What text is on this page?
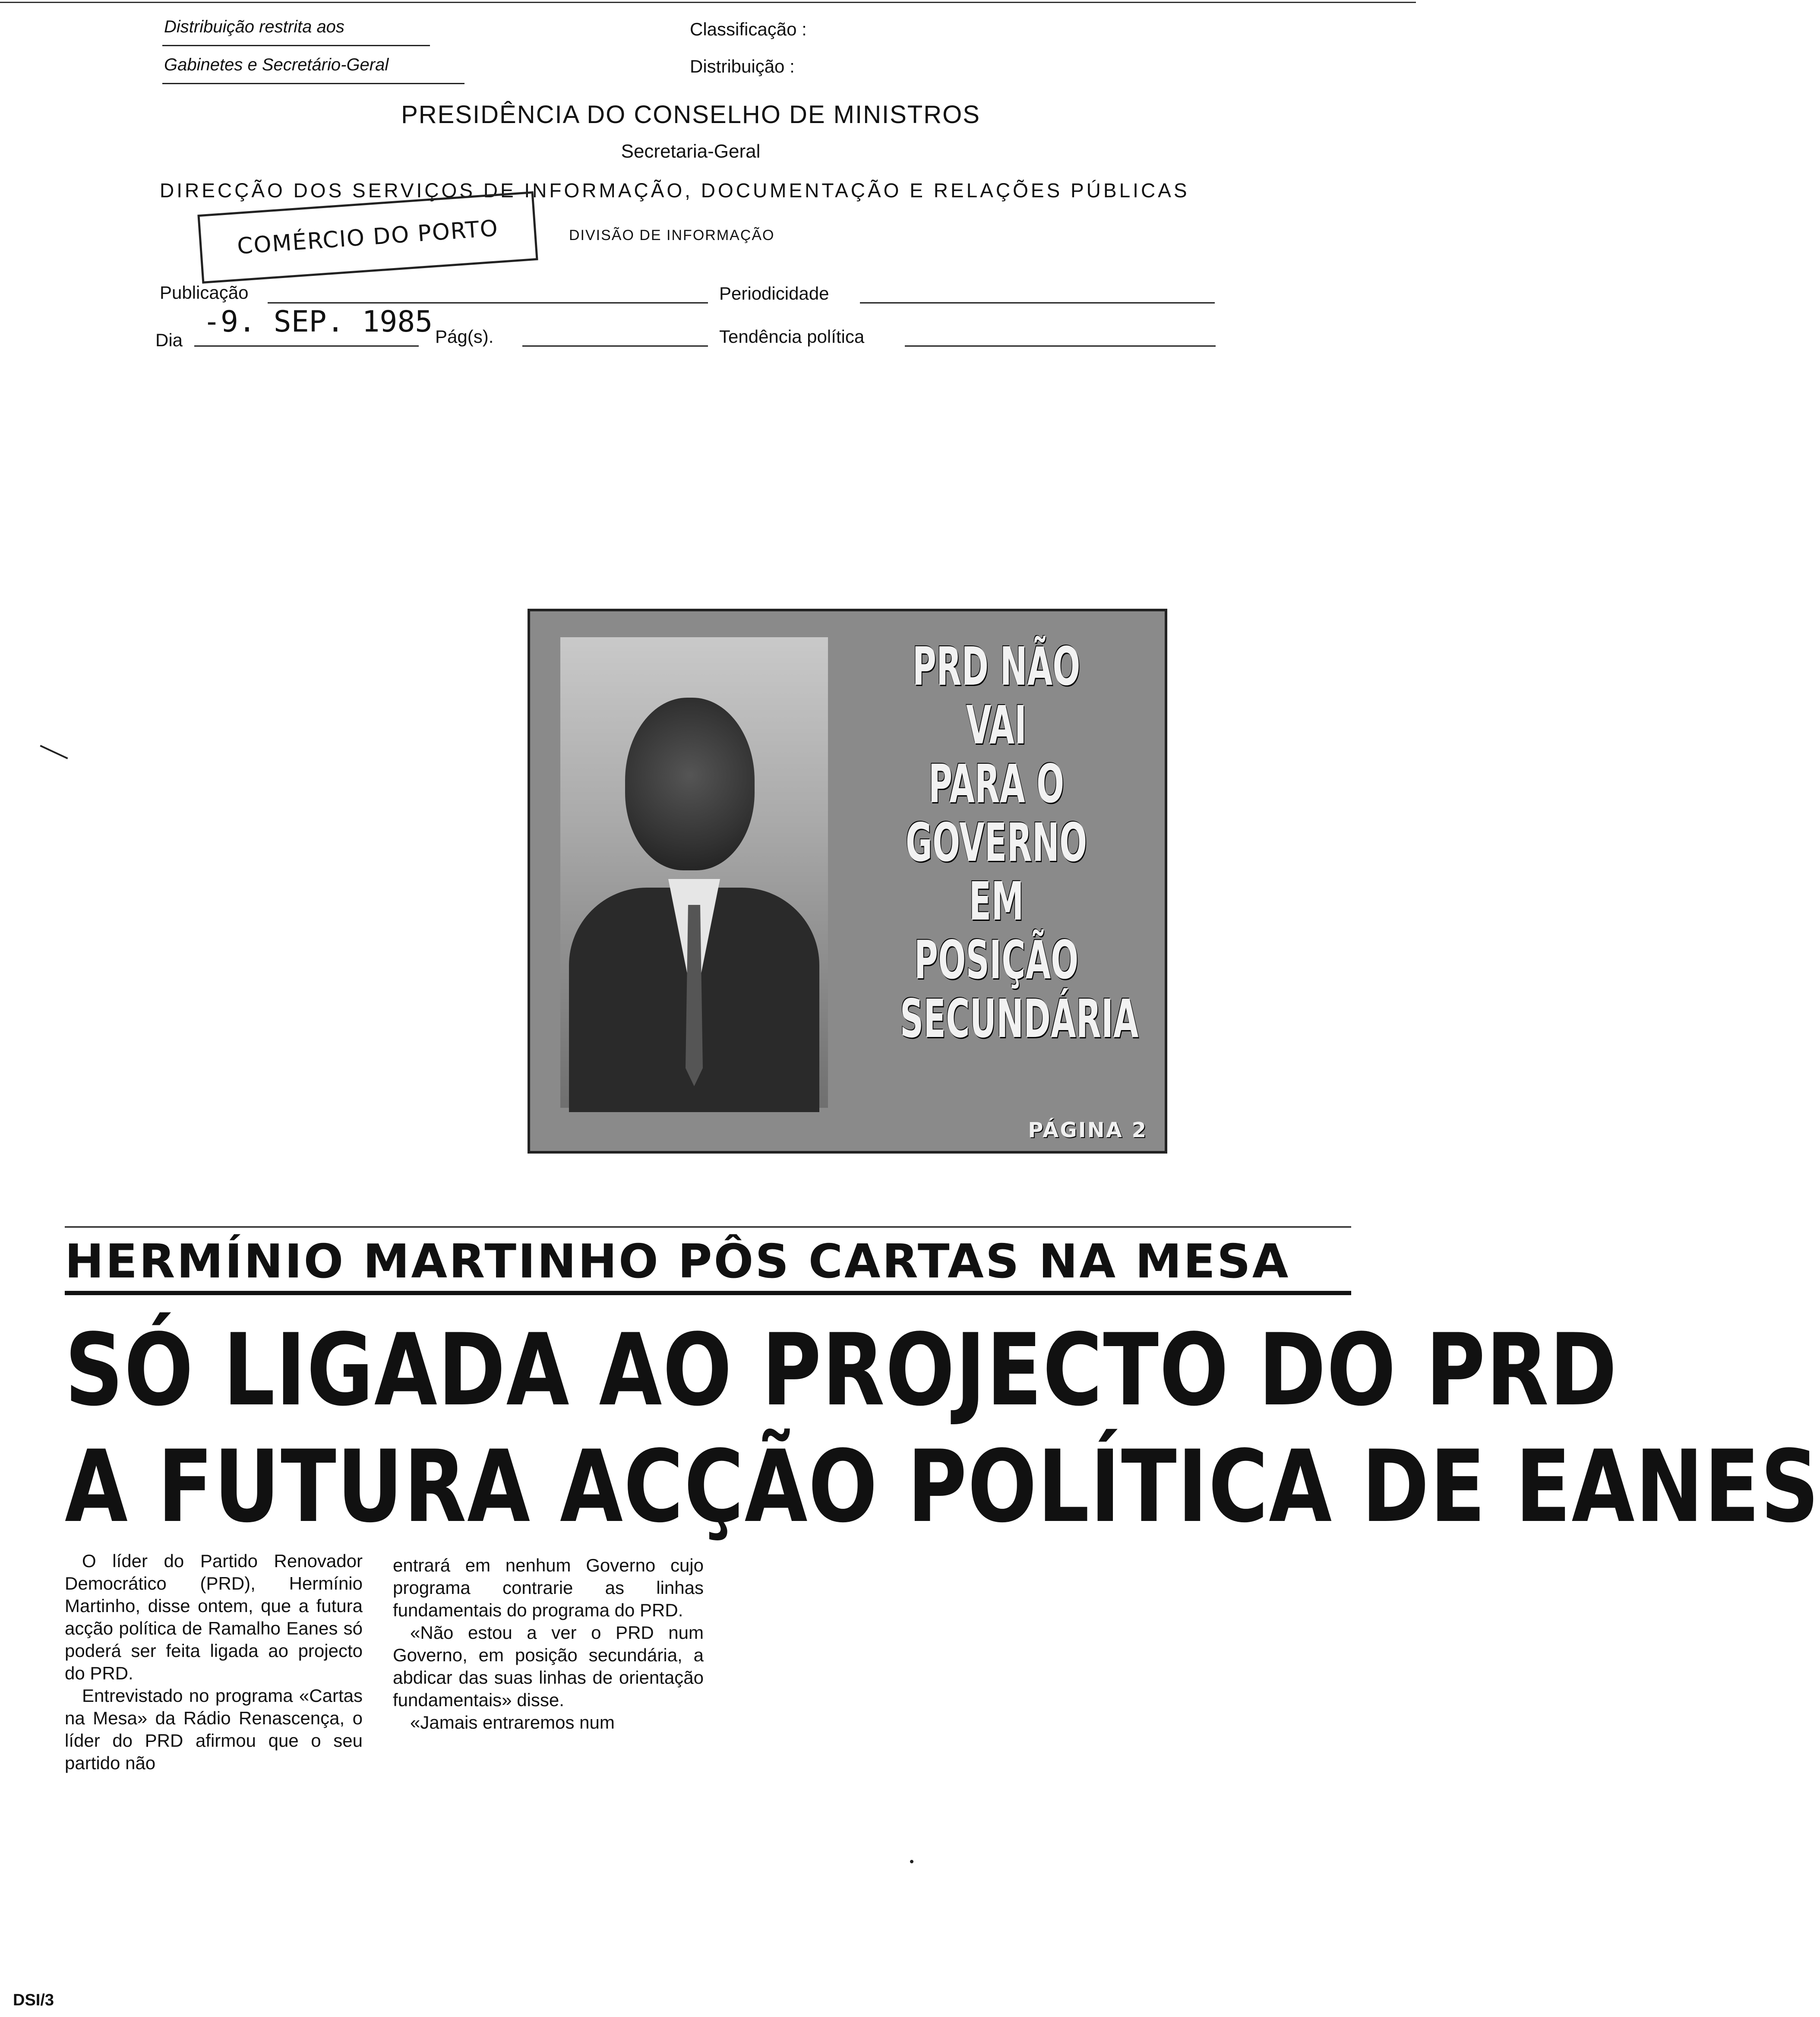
Distribuição restrita aos
Gabinetes e Secretário-Geral
Classificação :
Distribuição :
PRESIDÊNCIA DO CONSELHO DE MINISTROS
Secretaria-Geral
DIRECÇÃO DOS SERVIÇOS DE INFORMAÇÃO, DOCUMENTAÇÃO E RELAÇÕES PÚBLICAS
DIVISÃO DE INFORMAÇÃO
COMÉRCIO DO PORTO
Publicação	Periodicidade
Dia
-9. SEP. 1985 Pág(s).	Tendência política
PRD NÃO VAI
PARA O GOVERNO
EM POSIÇÃO
SECUNDÁRIA
PÁGINA 2
HERMÍNIO MARTINHO PÔS CARTAS NA MESA
SÓ LIGADA AO PROJECTO DO PRD
A FUTURA ACÇÃO POLÍTICA DE EANES

O líder do Partido Renovador Democrático (PRD), Hermínio Martinho, disse ontem, que a futura acção política de Ramalho Eanes só poderá ser feita ligada ao projecto do PRD.

Entrevistado no programa «Cartas na Mesa» da Rádio Renascença, o líder do PRD afirmou que o seu partido não

entrará em nenhum Governo cujo programa contrarie as linhas fundamentais do programa do PRD.

«Não estou a ver o PRD num Governo, em posição secundária, a abdicar das suas linhas de orientação fundamentais» disse.

«Jamais entraremos num

DSI/3
